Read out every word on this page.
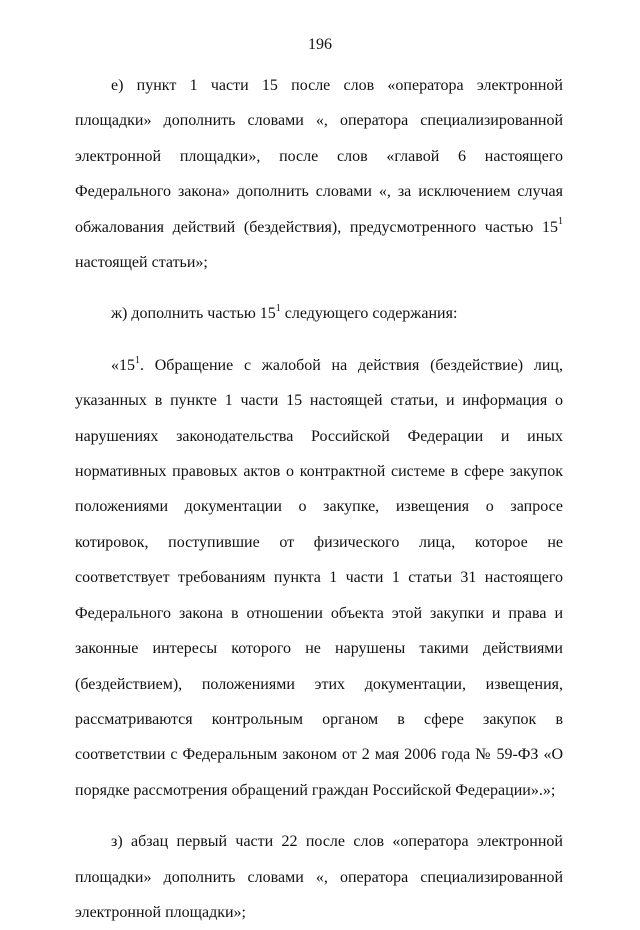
196

е) пункт 1 части 15 после слов «оператора электронной площадки» дополнить словами «, оператора специализированной электронной площадки», после слов «главой 6 настоящего Федерального закона» дополнить словами «, за исключением случая обжалования действий (бездействия), предусмотренного частью $15^1$ настоящей статьи»;

ж) дополнить частью $15^1$ следующего содержания:

«$15^1$. Обращение с жалобой на действия (бездействие) лиц, указанных в пункте 1 части 15 настоящей статьи, и информация о нарушениях законодательства Российской Федерации и иных нормативных правовых актов о контрактной системе в сфере закупок положениями документации о закупке, извещения о запросе котировок, поступившие от физического лица, которое не соответствует требованиям пункта 1 части 1 статьи 31 настоящего Федерального закона в отношении объекта этой закупки и права и законные интересы которого не нарушены такими действиями (бездействием), положениями этих документации, извещения, рассматриваются контрольным органом в сфере закупок в соответствии с Федеральным законом от 2 мая 2006 года № 59-ФЗ «О порядке рассмотрения обращений граждан Российской Федерации».»;

з) абзац первый части 22 после слов «оператора электронной площадки» дополнить словами «, оператора специализированной электронной площадки»;
